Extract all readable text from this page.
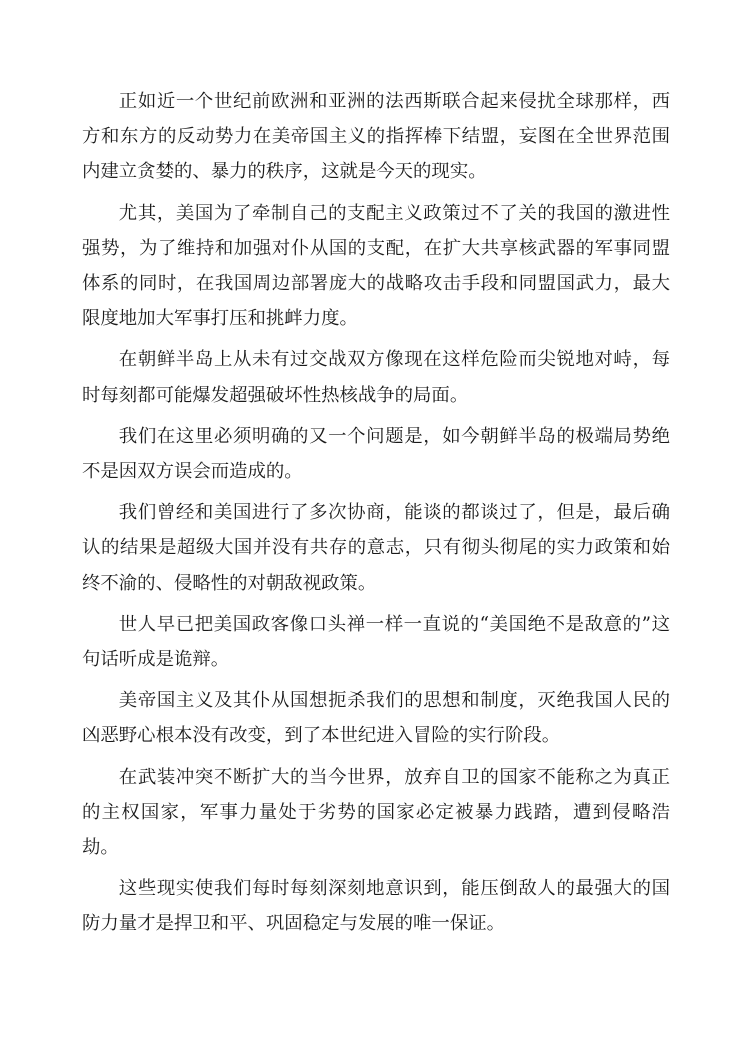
正如近一个世纪前欧洲和亚洲的法西斯联合起来侵扰全球那样，西方和东方的反动势力在美帝国主义的指挥棒下结盟，妄图在全世界范围内建立贪婪的、暴力的秩序，这就是今天的现实。

尤其，美国为了牵制自己的支配主义政策过不了关的我国的激进性强势，为了维持和加强对仆从国的支配，在扩大共享核武器的军事同盟体系的同时，在我国周边部署庞大的战略攻击手段和同盟国武力，最大限度地加大军事打压和挑衅力度。

在朝鲜半岛上从未有过交战双方像现在这样危险而尖锐地对峙，每时每刻都可能爆发超强破坏性热核战争的局面。

我们在这里必须明确的又一个问题是，如今朝鲜半岛的极端局势绝不是因双方误会而造成的。

我们曾经和美国进行了多次协商，能谈的都谈过了，但是，最后确认的结果是超级大国并没有共存的意志，只有彻头彻尾的实力政策和始终不渝的、侵略性的对朝敌视政策。

世人早已把美国政客像口头禅一样一直说的“美国绝不是敌意的”这句话听成是诡辩。

美帝国主义及其仆从国想扼杀我们的思想和制度，灭绝我国人民的凶恶野心根本没有改变，到了本世纪进入冒险的实行阶段。

在武装冲突不断扩大的当今世界，放弃自卫的国家不能称之为真正的主权国家，军事力量处于劣势的国家必定被暴力践踏，遭到侵略浩劫。

这些现实使我们每时每刻深刻地意识到，能压倒敌人的最强大的国防力量才是捍卫和平、巩固稳定与发展的唯一保证。
